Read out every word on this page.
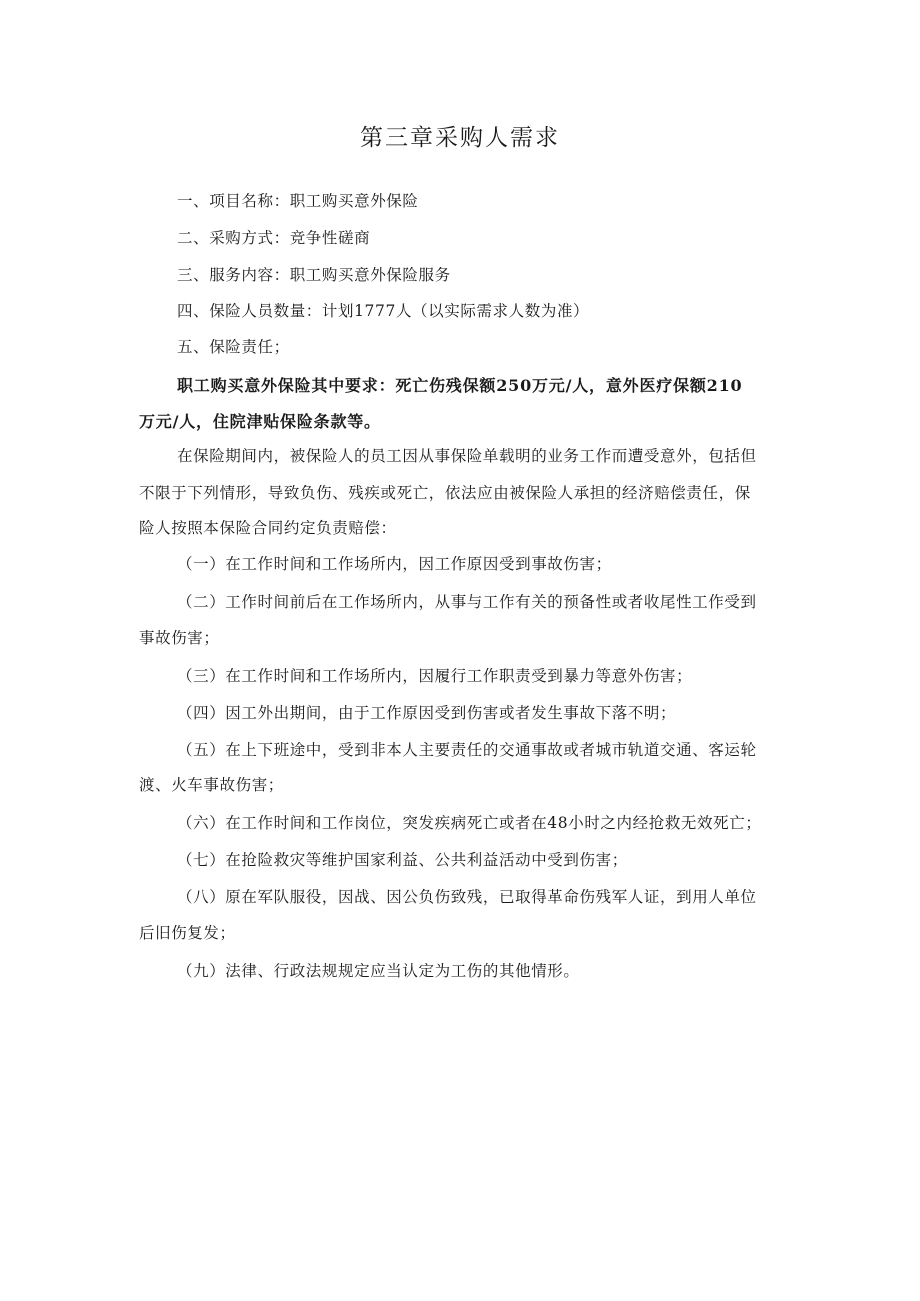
第三章采购人需求

一、项目名称：职工购买意外保险

二、采购方式：竞争性磋商

三、服务内容：职工购买意外保险服务

四、保险人员数量：计划1777人（以实际需求人数为准）

五、保险责任；

职工购买意外保险其中要求：死亡伤残保额250万元/人，意外医疗保额210

万元/人，住院津贴保险条款等。

在保险期间内，被保险人的员工因从事保险单载明的业务工作而遭受意外，包括但

不限于下列情形，导致负伤、残疾或死亡，依法应由被保险人承担的经济赔偿责任，保

险人按照本保险合同约定负责赔偿：

（一）在工作时间和工作场所内，因工作原因受到事故伤害；

（二）工作时间前后在工作场所内，从事与工作有关的预备性或者收尾性工作受到

事故伤害；

（三）在工作时间和工作场所内，因履行工作职责受到暴力等意外伤害；

（四）因工外出期间，由于工作原因受到伤害或者发生事故下落不明；

（五）在上下班途中，受到非本人主要责任的交通事故或者城市轨道交通、客运轮

渡、火车事故伤害；

（六）在工作时间和工作岗位，突发疾病死亡或者在48小时之内经抢救无效死亡；

（七）在抢险救灾等维护国家利益、公共利益活动中受到伤害；

（八）原在军队服役，因战、因公负伤致残，已取得革命伤残军人证，到用人单位

后旧伤复发；

（九）法律、行政法规规定应当认定为工伤的其他情形。
